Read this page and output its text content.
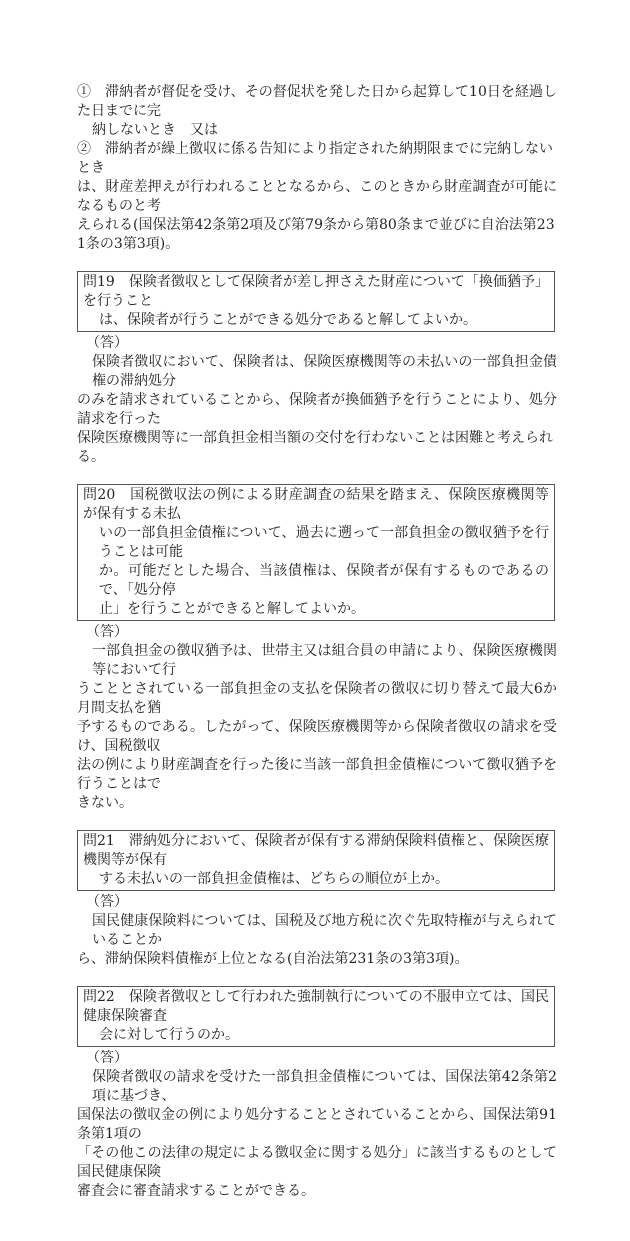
①　滞納者が督促を受け、その督促状を発した日から起算して10日を経過した日までに完
納しないとき　又は
②　滞納者が繰上徴収に係る告知により指定された納期限までに完納しないとき
は、財産差押えが行われることとなるから、このときから財産調査が可能になるものと考
えられる(国保法第42条第2項及び第79条から第80条まで並びに自治法第231条の3第3項)。
問19　保険者徴収として保険者が差し押さえた財産について「換価猶予」を行うこと
は、保険者が行うことができる処分であると解してよいか。
（答）
保険者徴収において、保険者は、保険医療機関等の未払いの一部負担金債権の滞納処分
のみを請求されていることから、保険者が換価猶予を行うことにより、処分請求を行った
保険医療機関等に一部負担金相当額の交付を行わないことは困難と考えられる。
問20　国税徴収法の例による財産調査の結果を踏まえ、保険医療機関等が保有する未払
いの一部負担金債権について、過去に遡って一部負担金の徴収猶予を行うことは可能
か。可能だとした場合、当該債権は、保険者が保有するものであるので、「処分停
止」を行うことができると解してよいか。
（答）
一部負担金の徴収猶予は、世帯主又は組合員の申請により、保険医療機関等において行
うこととされている一部負担金の支払を保険者の徴収に切り替えて最大6か月間支払を猶
予するものである。したがって、保険医療機関等から保険者徴収の請求を受け、国税徴収
法の例により財産調査を行った後に当該一部負担金債権について徴収猶予を行うことはで
きない。
問21　滞納処分において、保険者が保有する滞納保険料債権と、保険医療機関等が保有
する未払いの一部負担金債権は、どちらの順位が上か。
（答）
国民健康保険料については、国税及び地方税に次ぐ先取特権が与えられていることか
ら、滞納保険料債権が上位となる(自治法第231条の3第3項)。
問22　保険者徴収として行われた強制執行についての不服申立ては、国民健康保険審査
会に対して行うのか。
（答）
保険者徴収の請求を受けた一部負担金債権については、国保法第42条第2項に基づき、
国保法の徴収金の例により処分することとされていることから、国保法第91条第1項の
「その他この法律の規定による徴収金に関する処分」に該当するものとして国民健康保険
審査会に審査請求することができる。
